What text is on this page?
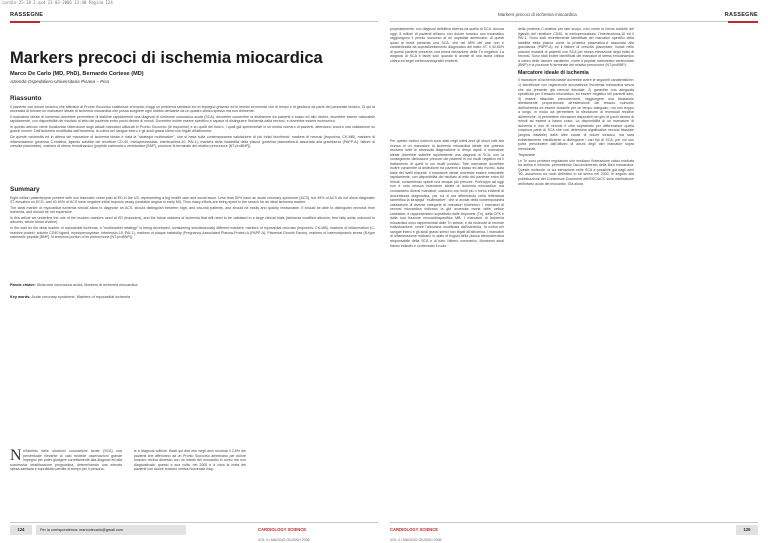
cardio 25-28 2.qxd 23-03-2006 13:40 Pagina 124
RASSEGNE
Markers precoci di ischemia miocardica
Marco De Carlo (MD, PhD), Bernardo Cortese (MD)
Azienda Ospedaliero-Universitaria Pisana – Pisa
Riassunto

Il paziente con dolore toracico che afferisce al Pronto Soccorso costituisce al mondo d'oggi un problema sanitario ed un impegno gravoso ed in termini economici che di tempo e di gestione da parte del personale medico. Di qui la necessità di trovare un marcatore ideale di ischemia miocardica che possa scegliere ogni dubbio derivante da un quadro clinico spesso ma non dirimente.

Il marcatore ideale di ischemia dovrebbe permettere di stabilire rapidamente una diagnosi di sindrome coronarica acuta (SCA), dovrebbe consentire la distinzione tra pazienti a basso ed alto rischio, dovrebbe essere misurabile rapidamente, con disponibilità del risultato al letto del paziente entro pochi decine di minuti. Dovrebbe inoltre essere specifico e capace di distinguere l'ischemia dalla necrosi, e dovrebbe essere economico.

In questo articolo viene focalizzata l'attenzione sugli attuali marcatori utilizzati in Pronto Soccorso (le troponine) e su quelli del futuro, i quali già sperimentati in un'ombra numero di pazienti, attendono ancora una validazione su grandi numeri. Dall'ischemia modificata dall'ischemia, la colina nel sangue intero e gli acidi grassi sierici non legati all'albumina.

Da queste necessità ed in attesa del marcatore di ischemia ideale è nata la "strategia multimarker", che si basa sulla contemporanea valutazione di più indici biochimici: markers di necrosi (troponina, CK-MB), markers di infiammazione (proteina C-reattiva, ligando solubile del recettore CD-40, mieloperossidasi, interleuchina-10, PAI-1), markers della instabilità della placca (proteina plasmatica-A associata alla gravidanza (PAPP-A), fattore di crescita placentare), markers di stress emodinamico (peptide natriuretico ventricolare [BNP], porzione N-terminale del relativo precursore [NT-proBNP]).

Summary

Eight million patients/year present with non traumatic chest pain at ED in the US, representing a big health care and social issue. Less than 50% have an acute coronary syndrome (ACS), but 49% of ACS do not show diagnostic ST elevation on ECG, and 40-60% of ACS have negative initial troponin assay (unstable angina or early MI). Thus many efforts are being spent in the search for an ideal ischemia marker.

The ideal marker of myocardial ischemia should allow to diagnose an ACS, should distinguish between high- and low-risk patients, and should be easily and quickly measurable. It should be able to distinguish necrosis from ischemia, and should be not expensive.

In this article we underline the role of the modern markers used at ED (troponins), and the future markers of ischemia that still need to be validated in a large clinical trials (ischemia modified albumin, free fatty acids unbound to albumin, whole blood choline).

In the wait for the ideal marker of myocardial ischemia, a "multimarker strategy" is being developed, considering simultaneously different markers: markers of myocardial necrosis (troponins, CK-MB), markers of inflammation (C-reactive protein, soluble CD40 ligand, myeloperoxydase, interleukin-10, PAI-1), markers of plaque instability (Pregnancy-Associated Plasma-Protein-A (PAPP-A), Placental Growth Factor), markers of haemodynamic stress (B-type natriuretic peptide [BNP], N-terminus portion of its prohormone [NT-proBNP]).

Parole chiave: Sindrome coronarica acuta, Markers di ischemia miocardica
Key words: Acute coronary syndrome, Markers of myocardial ischemia
N ell'ambito delle sindromi coronariche acute (SCA) una percentuale rilevante di casi richiede osservazioni grande impegno per poter giungere correttamente alla diagnosi ed alla successiva stratificazione prognostica, determinando una elevata spesa sanitaria e soprattutto perdite di tempo per il persona-
le e diagnosi critiche. Basti qui dire che negli anni novanta il 2-5% dei pazienti che afferivano ad un Pronto Soccorso americano per dolore toracico veniva dimesso con un infarto del miocardio in corso ma non diagnosticato; questo a sua volta, nel 2000 e a circa la metà dei pazienti con dolore toracico veniva ricoverata inap-
124	Per la corrispondenza: marcodecarlo@gmail.com	CARDIOLOGY SCIENCE
VOL 4 • MAGGIO-GIUGNO 2006
Markers precoci di ischemia miocardica	RASSEGNE
propriatamente, con diagnosi definitiva diversa da quella di SCA. Ancora oggi, 8 milioni di pazienti all'anno con dolore toracico non traumatico raggiungono il pronto soccorso di un ospedale americano: di questi quasi la metà presenta una SCA, che nel 85% dei casi non è caratterizzata da sopraslivellamento diagnostico del tratto ST. Il 40-60% di questi pazienti presenta una prima rilevazione della Tn negativa. La diagnosi di SCA è facile solo quando si avvale di una storia clinica chiara ed segni elettrocardiografici evidenti.
Per questo motivo notevoli sono stati negli ultimi anni gli sforzi volti alla ricerca di un marcatore di ischemia miocardica ideale che potesse risolvere tutte le necessità diagnostiche in tempi rapidi. Il marcatore ideale dovrebbe stabilire rapidamente una diagnosi di SCA, con la conseguente dimissione precoce dei pazienti in cui risulti negativo ed il trattamento di quelli in cui risulti positivo. Tale marcatore dovrebbe inoltre consentire la distinzione tra pazienti a basso ed alto rischio, sulla base dei livelli misurati. Il marcatore ideale dovrebbe essere misurabile rapidamente, con disponibilità del risultato al letto del paziente entro 60 minuti, consentendo quindi una terapia più precoce. Purtroppo ad oggi non è noto nessun marcatore ideale di ischemia miocardica, ma conosciamo diversi marcatori, ciascuno con limiti più o meno evidenti di accuratezza diagnostica, per cui si sta affermando nella letteratura scientifica la strategia "multimarker", che si avvale della contemporanea valutazione di diverse categorie di marcatori biochimici. I marcatori di necrosi miocardica indicano la già avvenuta morte delle cellule cardiache, e rappresentano soprattutto dalle troponine (Tn), dalla CPK e dalla sua frazione miocardiospecifica MB. I marcatori di ischemia miocardica sono rappresentati dalle Tn stesse, e da molecole di recente individuazione, come l'albumina modificata dall'ischemia, la colina nel sangue intero e gli acidi grassi sierici non legati all'albumina. I marcatori di infiammazione indicano lo stato di flogosi della placca aterosclerotica responsabile della SCA e di tutto l'albero coronarico. Numerosi studi hanno indicato e confermato il ruolo
della proteina C-reattiva per tale scopo, così come la forma solubile del ligando del recettore CD40, la mieloperossidasi, l'interleuchina-10 ed il PAI-1. Sono stati recentemente identificati dei marcatori specifici della stabilità della placca come la proteina plasmatica-A associata alla gravidanza (PAPP-A) ed il fattore di crescita placentare; isolati nelle placche instabili di pazienti con SCA per senza elevazione degli indici di necrosi. Sono stati inoltre identificati dei marcatori di stress emodinamico a carico delle camere cardiache, come il peptide natriuretico ventricolare (BNP) e la porzione N-terminale del relativo precursore (NT-proBNP).
Marcatore ideale di ischemia
Il marcatore di ischemia ideale dovrebbe avere le seguenti caratteristiche: 1) identificare con ragionevole accuratezza l'ischemia miocardica senza che sia presente già necrosi tissutale; 2) garantire una adeguata specificità per il tessuto miocardico, ed essere negativo nei pazienti sani; 3) essere rilasciato precocemente, raggiungere una titolazione direttamente proporzionale all'estensione del tessuto coinvolto dall'ischemia ed essere dosabile per un tempo adeguato, ma non troppo a lungo, in modo da permettere la rilevazione di eventuali recidive ischemiche; 4) permettere rilevazioni disponibili nel giro di pochi decine di minuti ad essere a basso costo. La disponibilità di un marcatore di ischemia e non di necrosi è utile soprattutto per differenziare quella cospicua parte di SCA che non determina significativa necrosi tissutale (angina instabile) dalle altre cause di dolore toracico, ma sarà evidentemente insufficiente a distinguere i vari tipi di SCA, per cui non potrà prescindere dall'utilizzo di alcuni degli altri marcatori sopra menzionati.
Troponine
Le Tn sono proteine regolatorie che mediano l'interazione calcio-mediata tra actina e miosina, permettendo l'accorciamento della fibra miocardica. Queste molecole, la cui elevazione nelle SCA è possibile già dagli anni '90, assumono un ruolo definitivo in tal senso nel 2000, in seguito alla pubblicazione del Consensus Document dell'ESC/ACC sulla ridefinizione dell'infarto acuto del miocardio. Già allora
CARDIOLOGY SCIENCE
VOL 4 • MAGGIO-GIUGNO 2006
125
